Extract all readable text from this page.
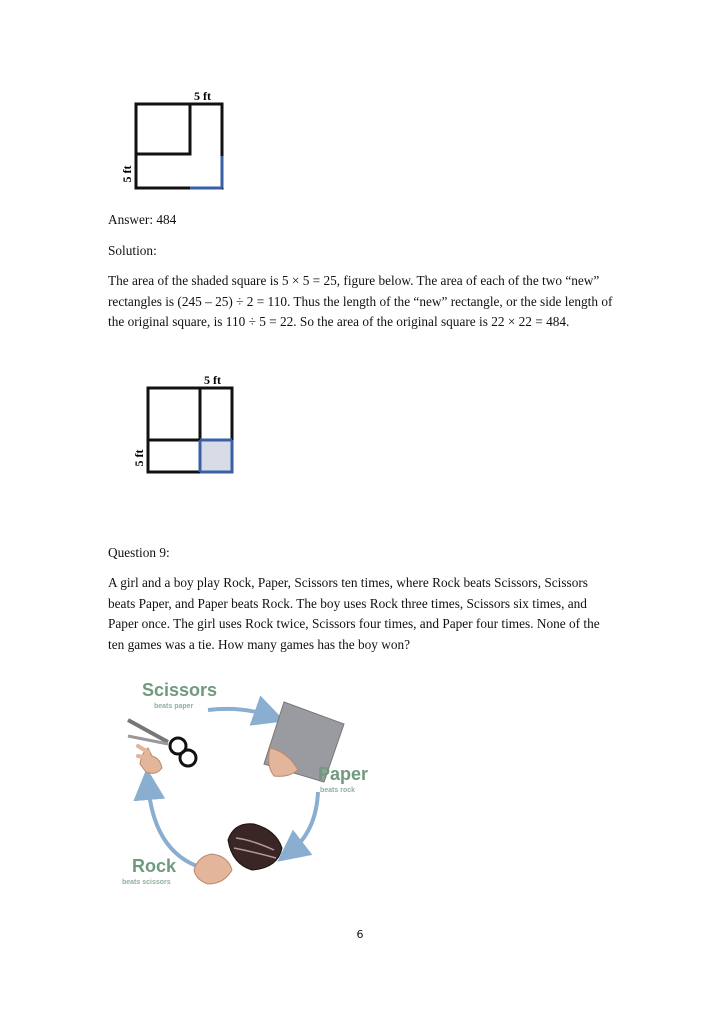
5 ft
5 ft

Answer: 484

Solution:

The area of the shaded square is 5 × 5 = 25, figure below. The area of each of the two “new” rectangles is (245 – 25) ÷ 2 = 110. Thus the length of the “new” rectangle, or the side length of the original square, is 110 ÷ 5 = 22. So the area of the original square is 22 × 22 = 484.

5 ft
5 ft

Question 9:

A girl and a boy play Rock, Paper, Scissors ten times, where Rock beats Scissors, Scissors beats Paper, and Paper beats Rock. The boy uses Rock three times, Scissors six times, and Paper once. The girl uses Rock twice, Scissors four times, and Paper four times. None of the ten games was a tie. How many games has the boy won?

Scissors
beats paper
Paper
beats rock
Rock
beats scissors
6
